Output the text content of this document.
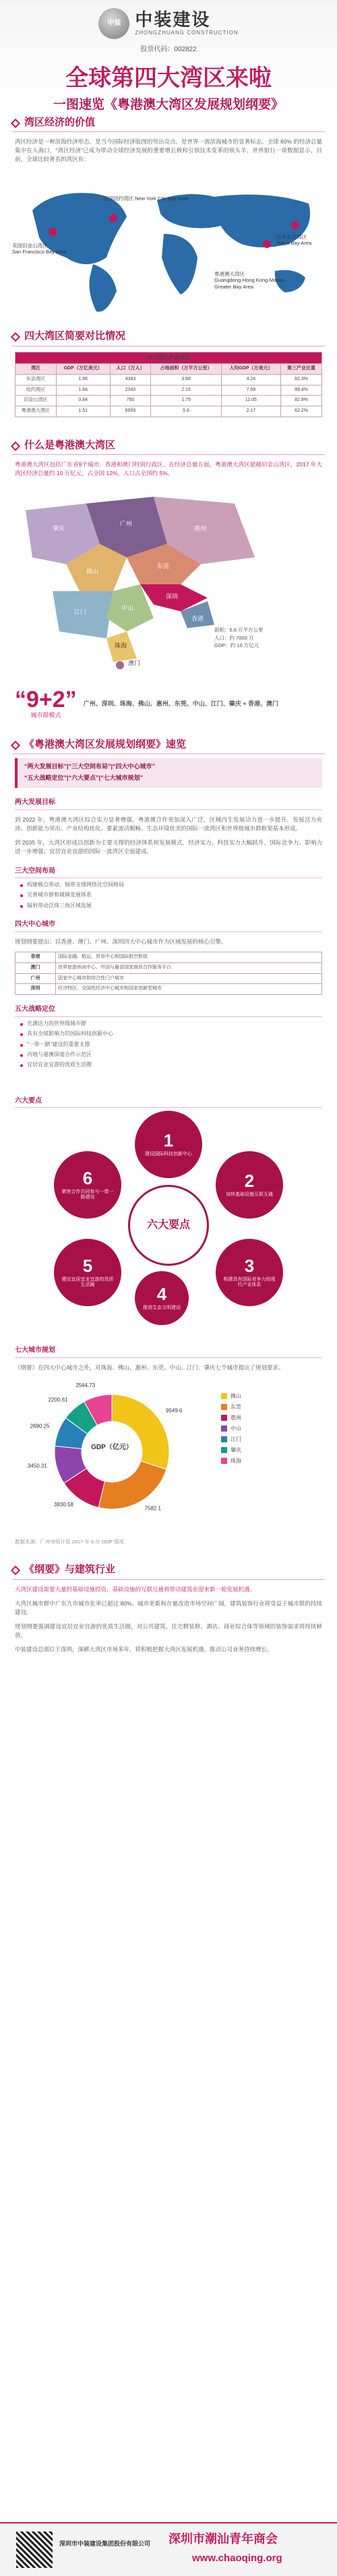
中装 中装建设
ZHONGZHUANG CONSTRUCTION
股票代码：002822
全球第四大湾区来啦
一图速览《粤港澳大湾区发展规划纲要》
湾区经济的价值
湾区经济是一种滨海经济形态，是当今国际经济版图的突出亮点，是世界一流滨海城市的显著标志。全球 60% 的经济总量集中在入海口，“湾区经济”已成为带动全球经济发展的重要增长极和引领技术变革的领头羊。世界银行一项数据显示，目前，全球比较著名的湾区有：
美国纽约湾区 New York City Bay Area
美国旧金山湾区
San Francisco Bay Area
日本东京湾区
Tokyo Bay Area
粤港澳大湾区
Guangdong-Hong Kong-Macau Greater Bay Area
四大湾区简要对比情况
四大湾区产业对比					
湾区	GDP（万亿美元）	人口（万人）	占地面积（万平方公里）	人均GDP（万美元）	第三产业比重
东京湾区	1.86	4383	3.68	4.24	82.3%
纽约湾区	1.66	2340	2.15	7.09	89.4%
旧金山湾区	0.84	760	1.79	11.05	82.8%
粤港澳大湾区	1.51	6956	5.6	2.17	62.2%
什么是粤港澳大湾区
粤港澳大湾区包括广东省9个城市、香港和澳门特别行政区。在经济总量方面，粤港澳大湾区超越旧金山湾区，2017 年大湾区经济总量约 10 万亿元，占全国 12%，人口占全国约 5%。
肇庆
广州
惠州
佛山
东莞
江门
中山
深圳
珠海
澳门
香港
面积：5.6 万平方公里
人口：约 7000 万
GDP：约 10 万亿元
“9+2”
城市群模式
广州、深圳、珠海、佛山、惠州、东莞、中山、江门、肇庆 + 香港、澳门
《粤港澳大湾区发展规划纲要》速览
“两大发展目标”|“三大空间布局”|“四大中心城市”
“五大战略定位”|“六大要点”|“七大城市规划”
两大发展目标
到 2022 年，粤港澳大湾区综合实力显著增强，粤港澳合作更加深入广泛，区域内生发展动力进一步提升，发展活力充沛、创新能力突出、产业结构优化、要素流动顺畅、生态环境优美的国际一流湾区和世界级城市群框架基本形成。
到 2035 年，大湾区形成以创新为主要支撑的经济体系和发展模式，经济实力、科技实力大幅跃升，国际竞争力、影响力进一步增强；宜居宜业宜游的国际一流湾区全面建成。
三大空间布局
构建极点带动、轴带支撑网络化空间格局
完善城市群和城镇发展体系
辐射带动泛珠三角区域发展
四大中心城市
规划纲要提出：以香港、澳门、广州、深圳四大中心城市作为区域发展的核心引擎。
香港	国际金融、航运、贸易中心和国际航空枢纽
澳门	世界旅游休闲中心、中国与葡语国家商贸合作服务平台
广州	国家中心城市和综合性门户城市
深圳	经济特区、全国性经济中心城市和国家创新型城市
五大战略定位
充满活力的世界级城市群
具有全球影响力的国际科技创新中心
“一带一路”建设的重要支撑
内地与港澳深度合作示范区
宜居宜业宜游的优质生活圈
六大要点
六大要点
1
建设国际科技创新中心
2
加快基础设施互联互通
3
构建具有国际竞争力的现代产业体系
4
推进生态文明建设
5
建设宜居宜业宜游的优质生活圈
6
紧密合作共同参与一带一路建设
七大城市规划
《纲要》在四大中心城市之外，对珠海、佛山、惠州、东莞、中山、江门、肇庆七个城市提出了规划要求。
9549.6
7582.1
3830.58
3450.31
2690.25
2200.61
2564.73
GDP（亿元）
佛山
东莞
惠州
中山
江门
肇庆
珠海
数据来源：广州市统计局 2017 年 9 市 GDP 情况
《纲要》与建筑行业
大湾区建设需要大量的基础设施投资，基础设施的互联互通将带动建筑业迎来新一轮发展机遇。
大湾区城市群中广东九市城市化率已超过 80%，城市更新和存量改造市场空间广阔，建筑装饰行业将受益于城市群的持续建设。
规划纲要强调建设宜居宜业宜游的优质生活圈，对公共建筑、住宅精装修、酒店、商业综合体等领域的装饰需求将持续释放。
中装建设总部位于深圳，深耕大湾区市场多年，将积极把握大湾区发展机遇，推动公司业务持续增长。
深圳市中装建设集团股份有限公司 深圳市潮汕青年商会
www.chaoqing.org
